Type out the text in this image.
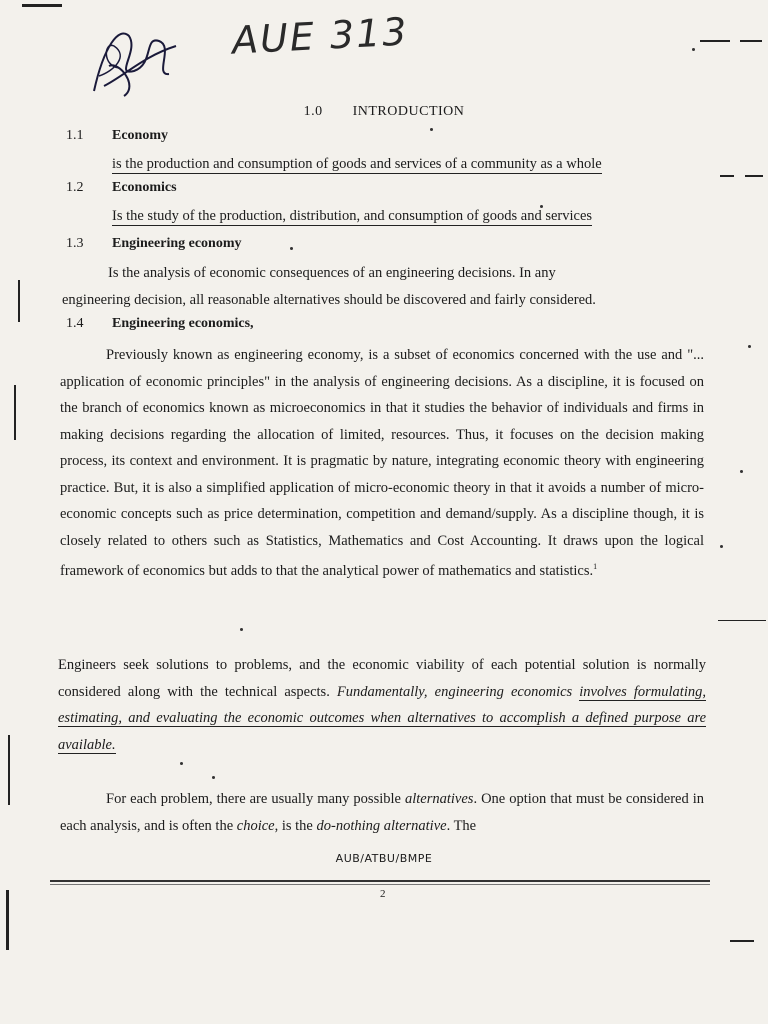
AUE 313
1.0 INTRODUCTION
1.1 Economy
is the production and consumption of goods and services of a community as a whole
1.2 Economics
Is the study of the production, distribution, and consumption of goods and services
1.3 Engineering economy

Is the analysis of economic consequences of an engineering decisions. In any

engineering decision, all reasonable alternatives should be discovered and fairly considered.

1.4 Engineering economics,

Previously known as engineering economy, is a subset of economics concerned with the use and "... application of economic principles" in the analysis of engineering decisions. As a discipline, it is focused on the branch of economics known as microeconomics in that it studies the behavior of individuals and firms in making decisions regarding the allocation of limited, resources. Thus, it focuses on the decision making process, its context and environment. It is pragmatic by nature, integrating economic theory with engineering practice. But, it is also a simplified application of micro-economic theory in that it avoids a number of micro-economic concepts such as price determination, competition and demand/supply. As a discipline though, it is closely related to others such as Statistics, Mathematics and Cost Accounting. It draws upon the logical framework of economics but adds to that the analytical power of mathematics and statistics.$^1$

Engineers seek solutions to problems, and the economic viability of each potential solution is normally considered along with the technical aspects. Fundamentally, engineering economics involves formulating, estimating, and evaluating the economic outcomes when alternatives to accomplish a defined purpose are available.

For each problem, there are usually many possible alternatives. One option that must be considered in each analysis, and is often the choice, is the do-nothing alternative. The

AUB/ATBU/BMPE
2
